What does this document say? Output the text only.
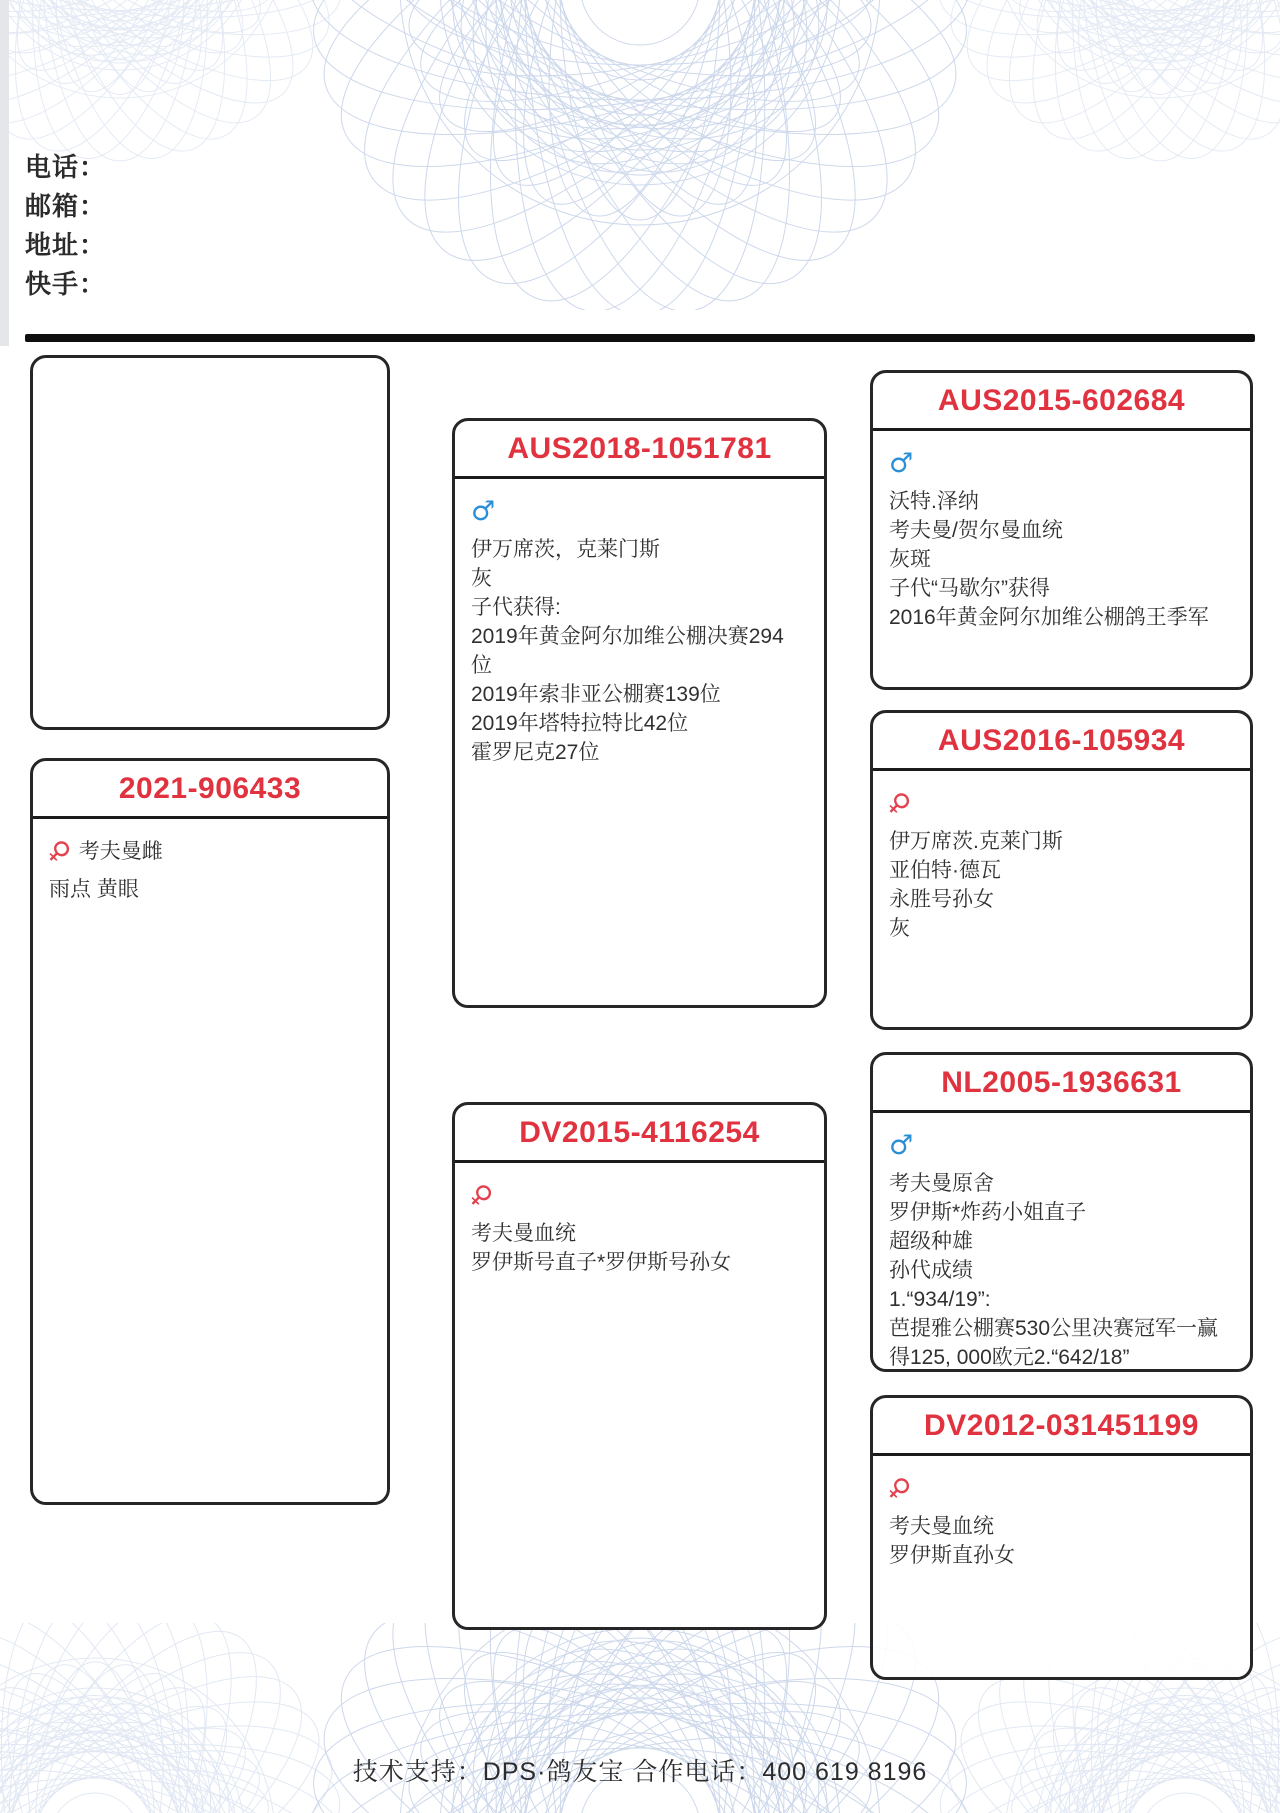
电话：
邮箱：
地址：
快手：
2021-906433
♀ 考夫曼雌
雨点 黄眼
AUS2018-1051781
♂
伊万席茨，克莱门斯
灰
子代获得:
2019年黄金阿尔加维公棚决赛294位
2019年索非亚公棚赛139位
2019年塔特拉特比42位
霍罗尼克27位
DV2015-4116254
♀
考夫曼血统
罗伊斯号直子*罗伊斯号孙女
AUS2015-602684
♂
沃特.泽纳
考夫曼/贺尔曼血统
灰斑
子代“马歇尔”获得
2016年黄金阿尔加维公棚鸽王季军
AUS2016-105934
♀
伊万席茨.克莱门斯
亚伯特·德瓦
永胜号孙女
灰
NL2005-1936631
♂
考夫曼原舍
罗伊斯*炸药小姐直子
超级种雄
孙代成绩
1.“934/19”:
芭提雅公棚赛530公里决赛冠军一赢得125, 000欧元2.“642/18”
DV2012-031451199
♀
考夫曼血统
罗伊斯直孙女
技术支持：DPS·鸽友宝 合作电话：400 619 8196
